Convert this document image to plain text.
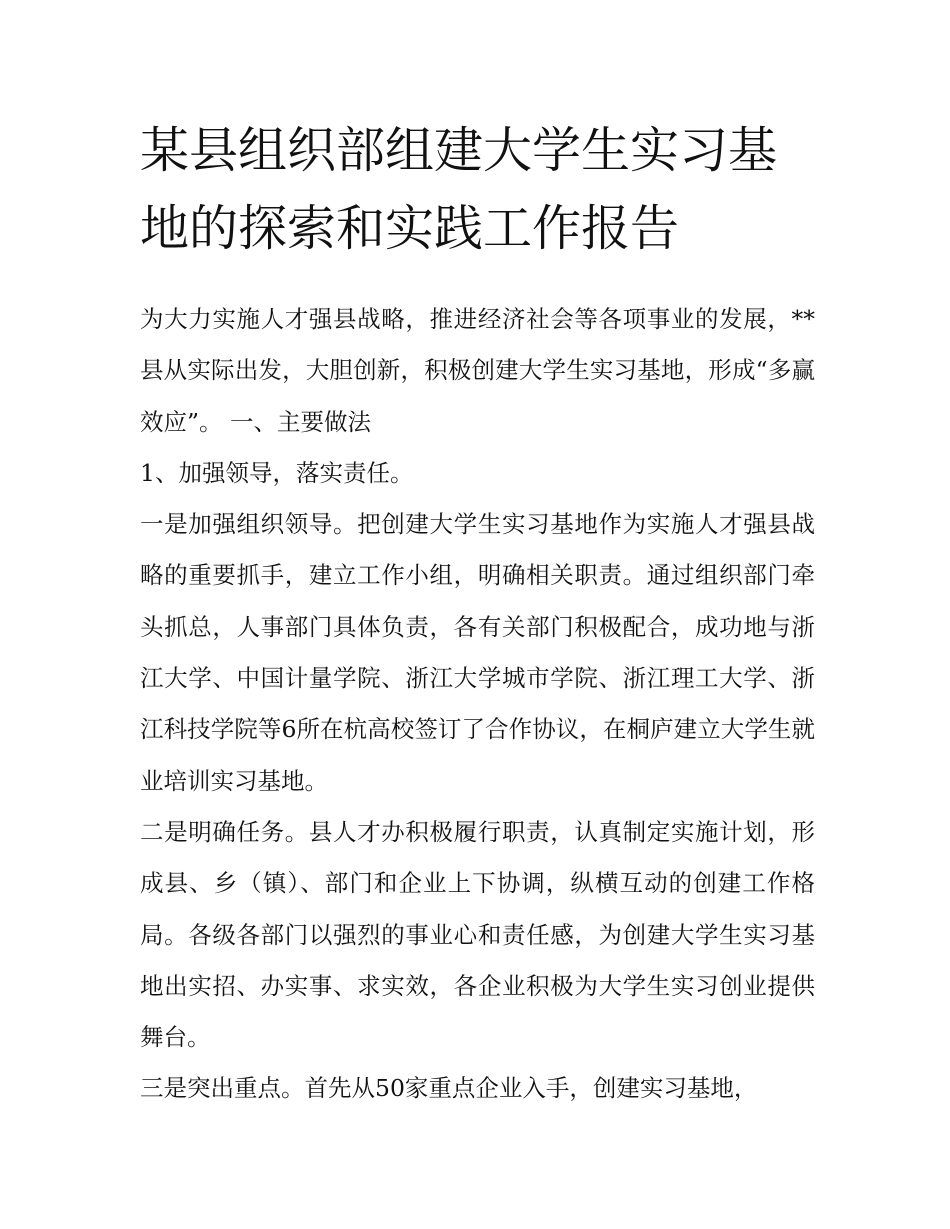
某县组织部组建大学生实习基地的探索和实践工作报告

为大力实施人才强县战略，推进经济社会等各项事业的发展，**县从实际出发，大胆创新，积极创建大学生实习基地，形成“多赢效应”。 一、主要做法

1、加强领导，落实责任。

一是加强组织领导。把创建大学生实习基地作为实施人才强县战略的重要抓手，建立工作小组，明确相关职责。通过组织部门牵头抓总，人事部门具体负责，各有关部门积极配合，成功地与浙江大学、中国计量学院、浙江大学城市学院、浙江理工大学、浙江科技学院等6所在杭高校签订了合作协议，在桐庐建立大学生就业培训实习基地。

二是明确任务。县人才办积极履行职责，认真制定实施计划，形成县、乡（镇）、部门和企业上下协调，纵横互动的创建工作格局。各级各部门以强烈的事业心和责任感，为创建大学生实习基地出实招、办实事、求实效，各企业积极为大学生实习创业提供舞台。

三是突出重点。首先从50家重点企业入手，创建实习基地，
